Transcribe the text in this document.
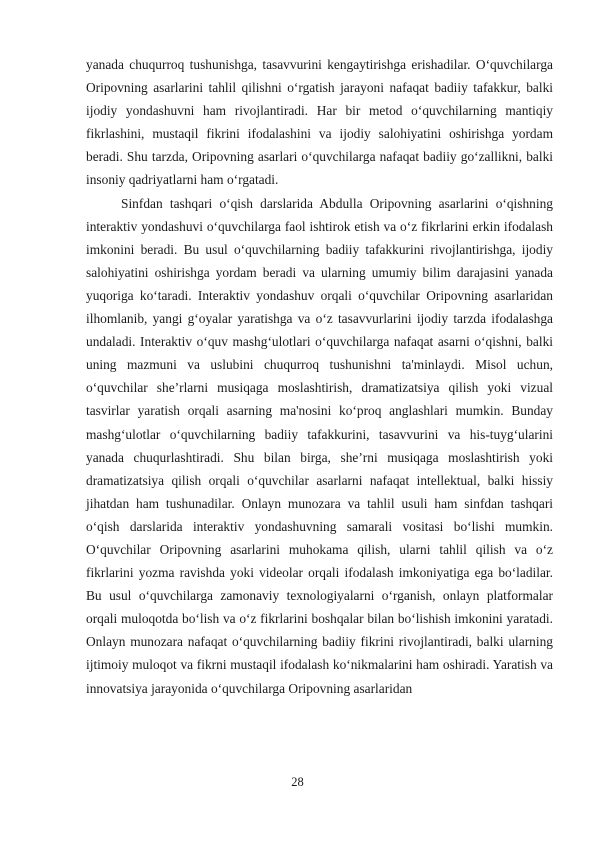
yanada chuqurroq tushunishga, tasavvurini kengaytirishga erishadilar. O‘quvchilarga Oripovning asarlarini tahlil qilishni o‘rgatish jarayoni nafaqat badiiy tafakkur, balki ijodiy yondashuvni ham rivojlantiradi. Har bir metod o‘quvchilarning mantiqiy fikrlashini, mustaqil fikrini ifodalashini va ijodiy salohiyatini oshirishga yordam beradi. Shu tarzda, Oripovning asarlari o‘quvchilarga nafaqat badiiy go‘zallikni, balki insoniy qadriyatlarni ham o‘rgatadi.

Sinfdan tashqari o‘qish darslarida Abdulla Oripovning asarlarini o‘qishning interaktiv yondashuvi o‘quvchilarga faol ishtirok etish va o‘z fikrlarini erkin ifodalash imkonini beradi. Bu usul o‘quvchilarning badiiy tafakkurini rivojlantirishga, ijodiy salohiyatini oshirishga yordam beradi va ularning umumiy bilim darajasini yanada yuqoriga ko‘taradi. Interaktiv yondashuv orqali o‘quvchilar Oripovning asarlaridan ilhomlanib, yangi g‘oyalar yaratishga va o‘z tasavvurlarini ijodiy tarzda ifodalashga undaladi. Interaktiv o‘quv mashg‘ulotlari o‘quvchilarga nafaqat asarni o‘qishni, balki uning mazmuni va uslubini chuqurroq tushunishni ta'minlaydi. Misol uchun, o‘quvchilar she’rlarni musiqaga moslashtirish, dramatizatsiya qilish yoki vizual tasvirlar yaratish orqali asarning ma'nosini ko‘proq anglashlari mumkin. Bunday mashg‘ulotlar o‘quvchilarning badiiy tafakkurini, tasavvurini va his-tuyg‘ularini yanada chuqurlashtiradi. Shu bilan birga, she’rni musiqaga moslashtirish yoki dramatizatsiya qilish orqali o‘quvchilar asarlarni nafaqat intellektual, balki hissiy jihatdan ham tushunadilar. Onlayn munozara va tahlil usuli ham sinfdan tashqari o‘qish darslarida interaktiv yondashuvning samarali vositasi bo‘lishi mumkin. O‘quvchilar Oripovning asarlarini muhokama qilish, ularni tahlil qilish va o‘z fikrlarini yozma ravishda yoki videolar orqali ifodalash imkoniyatiga ega bo‘ladilar. Bu usul o‘quvchilarga zamonaviy texnologiyalarni o‘rganish, onlayn platformalar orqali muloqotda bo‘lish va o‘z fikrlarini boshqalar bilan bo‘lishish imkonini yaratadi. Onlayn munozara nafaqat o‘quvchilarning badiiy fikrini rivojlantiradi, balki ularning ijtimoiy muloqot va fikrni mustaqil ifodalash ko‘nikmalarini ham oshiradi. Yaratish va innovatsiya jarayonida o‘quvchilarga Oripovning asarlaridan

28
